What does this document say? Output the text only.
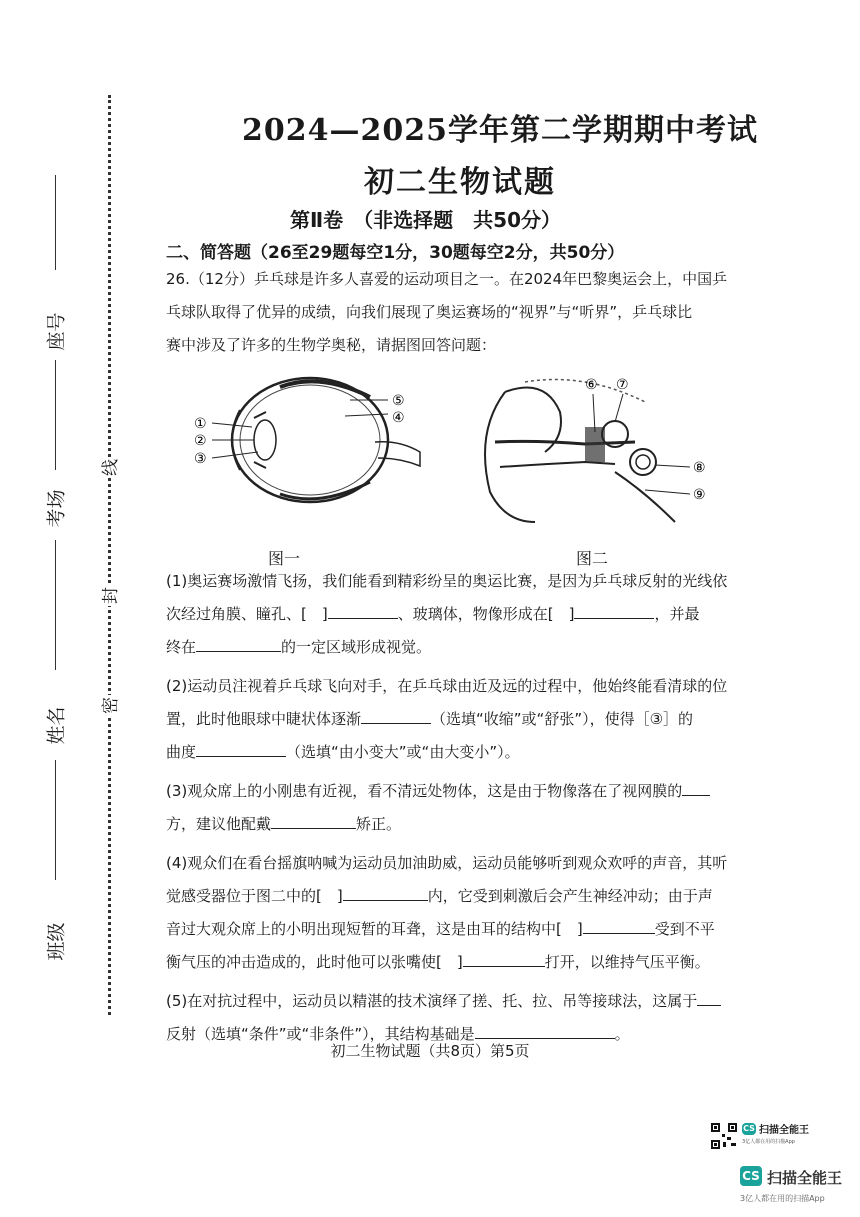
座号
考场
姓名
班级
线
封
密
2024—2025学年第二学期期中考试
初二生物试题
第Ⅱ卷　（非选择题　共50分）
二、简答题（26至29题每空1分，30题每空2分，共50分）
26.（12分）乒乓球是许多人喜爱的运动项目之一。在2024年巴黎奥运会上，中国乒
乓球队取得了优异的成绩，向我们展现了奥运赛场的“视界”与“听界”，乒乓球比
赛中涉及了许多的生物学奥秘，请据图回答问题：
①
②
③
⑤
④
⑥ ⑦
⑧
⑨
图一	图二
(1)奥运赛场激情飞扬，我们能看到精彩纷呈的奥运比赛，是因为乒乓球反射的光线依
次经过角膜、瞳孔、[　]	、玻璃体，物像形成在[　]	，并最
终在	的一定区域形成视觉。
(2)运动员注视着乒乓球飞向对手，在乒乓球由近及远的过程中，他始终能看清球的位
置，此时他眼球中睫状体逐渐	（选填“收缩”或“舒张”），使得［③］的
曲度	（选填“由小变大”或“由大变小”）。
(3)观众席上的小刚患有近视，看不清远处物体，这是由于物像落在了视网膜的
方，建议他配戴	矫正。
(4)观众们在看台摇旗呐喊为运动员加油助威，运动员能够听到观众欢呼的声音，其听
觉感受器位于图二中的[　]	内，它受到刺激后会产生神经冲动；由于声
音过大观众席上的小明出现短暂的耳聋，这是由耳的结构中[　]	受到不平
衡气压的冲击造成的，此时他可以张嘴使[　]	打开，以维持气压平衡。
(5)在对抗过程中，运动员以精湛的技术演绎了搓、托、拉、吊等接球法，这属于
反射（选填“条件”或“非条件”），其结构基础是	。
初二生物试题（共8页）第5页
CS 扫描全能王
3亿人都在用的扫描App
CS 扫描全能王
3亿人都在用的扫描App
